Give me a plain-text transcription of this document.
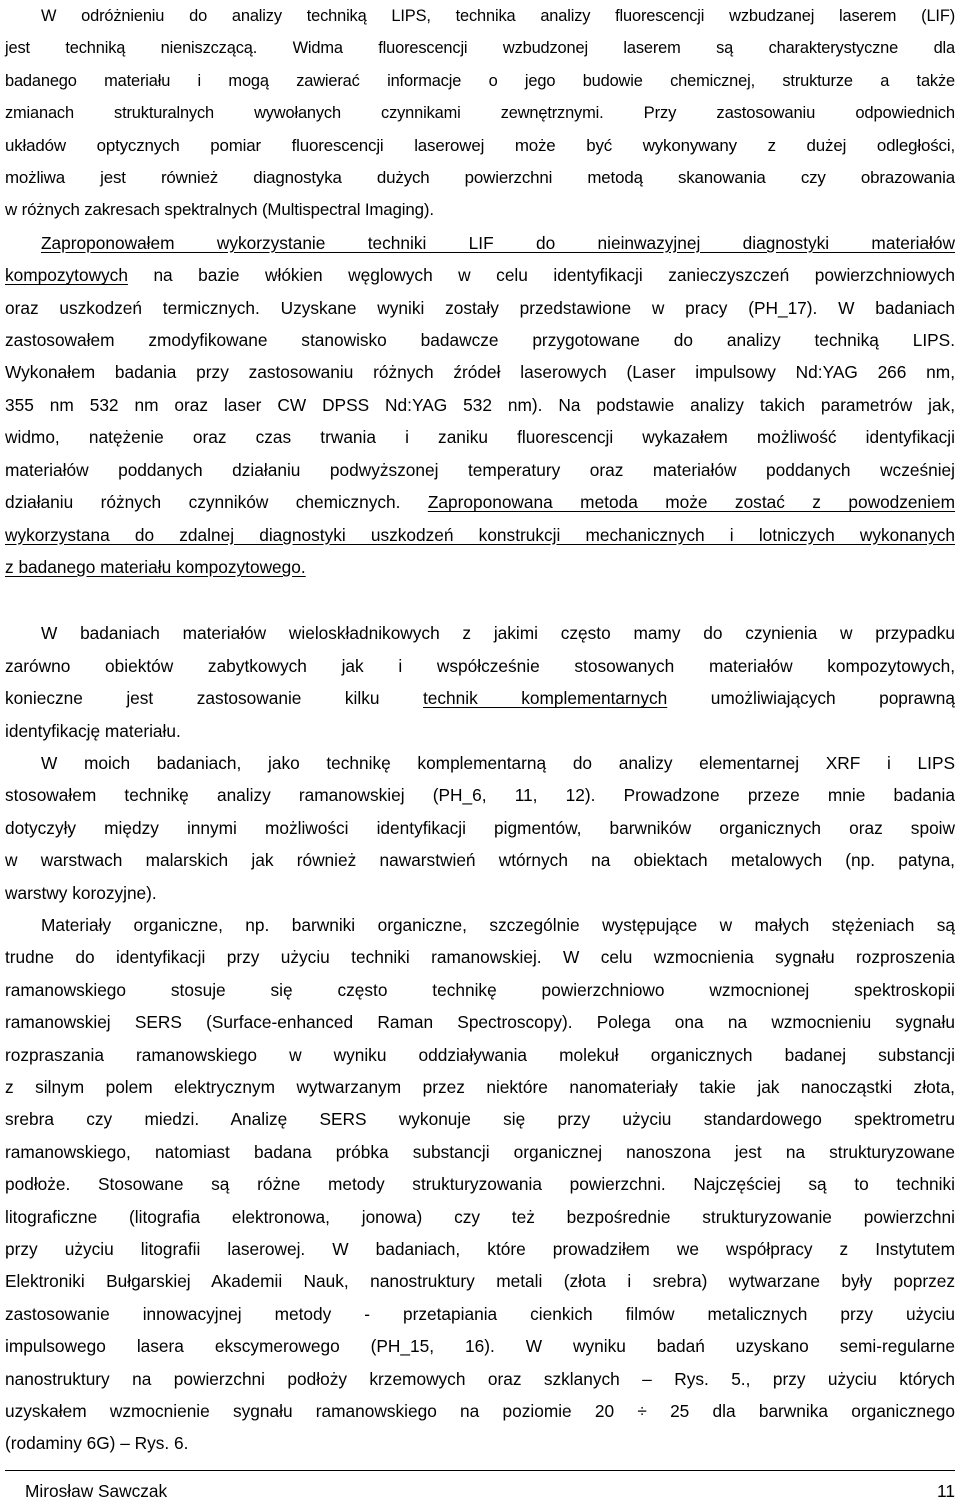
W odróżnieniu do analizy techniką LIPS, technika analizy fluorescencji wzbudzanej laserem (LIF)
jest techniką nieniszczącą. Widma fluorescencji wzbudzonej laserem są charakterystyczne dla
badanego materiału i mogą zawierać informacje o jego budowie chemicznej, strukturze a także
zmianach strukturalnych wywołanych czynnikami zewnętrznymi. Przy zastosowaniu odpowiednich
układów optycznych pomiar fluorescencji laserowej może być wykonywany z dużej odległości,
możliwa jest również diagnostyka dużych powierzchni metodą skanowania czy obrazowania
w różnych zakresach spektralnych (Multispectral Imaging).
Zaproponowałem wykorzystanie techniki LIF do nieinwazyjnej diagnostyki materiałów
kompozytowych na bazie włókien węglowych w celu identyfikacji zanieczyszczeń powierzchniowych
oraz uszkodzeń termicznych. Uzyskane wyniki zostały przedstawione w pracy (PH_17). W badaniach
zastosowałem zmodyfikowane stanowisko badawcze przygotowane do analizy techniką LIPS.
Wykonałem badania przy zastosowaniu różnych źródeł laserowych (Laser impulsowy Nd:YAG 266 nm,
355 nm 532 nm oraz laser CW DPSS Nd:YAG 532 nm). Na podstawie analizy takich parametrów jak,
widmo, natężenie oraz czas trwania i zaniku fluorescencji wykazałem możliwość identyfikacji
materiałów poddanych działaniu podwyższonej temperatury oraz materiałów poddanych wcześniej
działaniu różnych czynników chemicznych. Zaproponowana metoda może zostać z powodzeniem
wykorzystana do zdalnej diagnostyki uszkodzeń konstrukcji mechanicznych i lotniczych wykonanych
z badanego materiału kompozytowego.
W badaniach materiałów wieloskładnikowych z jakimi często mamy do czynienia w przypadku
zarówno obiektów zabytkowych jak i współcześnie stosowanych materiałów kompozytowych,
konieczne jest zastosowanie kilku technik komplementarnych umożliwiających poprawną
identyfikację materiału.
W moich badaniach, jako technikę komplementarną do analizy elementarnej XRF i LIPS
stosowałem technikę analizy ramanowskiej (PH_6, 11, 12). Prowadzone przeze mnie badania
dotyczyły między innymi możliwości identyfikacji pigmentów, barwników organicznych oraz spoiw
w warstwach malarskich jak również nawarstwień wtórnych na obiektach metalowych (np. patyna,
warstwy korozyjne).
Materiały organiczne, np. barwniki organiczne, szczególnie występujące w małych stężeniach są
trudne do identyfikacji przy użyciu techniki ramanowskiej. W celu wzmocnienia sygnału rozproszenia
ramanowskiego stosuje się często technikę powierzchniowo wzmocnionej spektroskopii
ramanowskiej SERS (Surface-enhanced Raman Spectroscopy). Polega ona na wzmocnieniu sygnału
rozpraszania ramanowskiego w wyniku oddziaływania molekuł organicznych badanej substancji
z silnym polem elektrycznym wytwarzanym przez niektóre nanomateriały takie jak nanocząstki złota,
srebra czy miedzi. Analizę SERS wykonuje się przy użyciu standardowego spektrometru
ramanowskiego, natomiast badana próbka substancji organicznej nanoszona jest na strukturyzowane
podłoże. Stosowane są różne metody strukturyzowania powierzchni. Najczęściej są to techniki
litograficzne (litografia elektronowa, jonowa) czy też bezpośrednie strukturyzowanie powierzchni
przy użyciu litografii laserowej. W badaniach, które prowadziłem we współpracy z Instytutem
Elektroniki Bułgarskiej Akademii Nauk, nanostruktury metali (złota i srebra) wytwarzane były poprzez
zastosowanie innowacyjnej metody - przetapiania cienkich filmów metalicznych przy użyciu
impulsowego lasera ekscymerowego (PH_15, 16). W wyniku badań uzyskano semi-regularne
nanostruktury na powierzchni podłoży krzemowych oraz szklanych – Rys. 5., przy użyciu których
uzyskałem wzmocnienie sygnału ramanowskiego na poziomie 20 ÷ 25 dla barwnika organicznego
(rodaminy 6G) – Rys. 6.
Mirosław Sawczak	11
